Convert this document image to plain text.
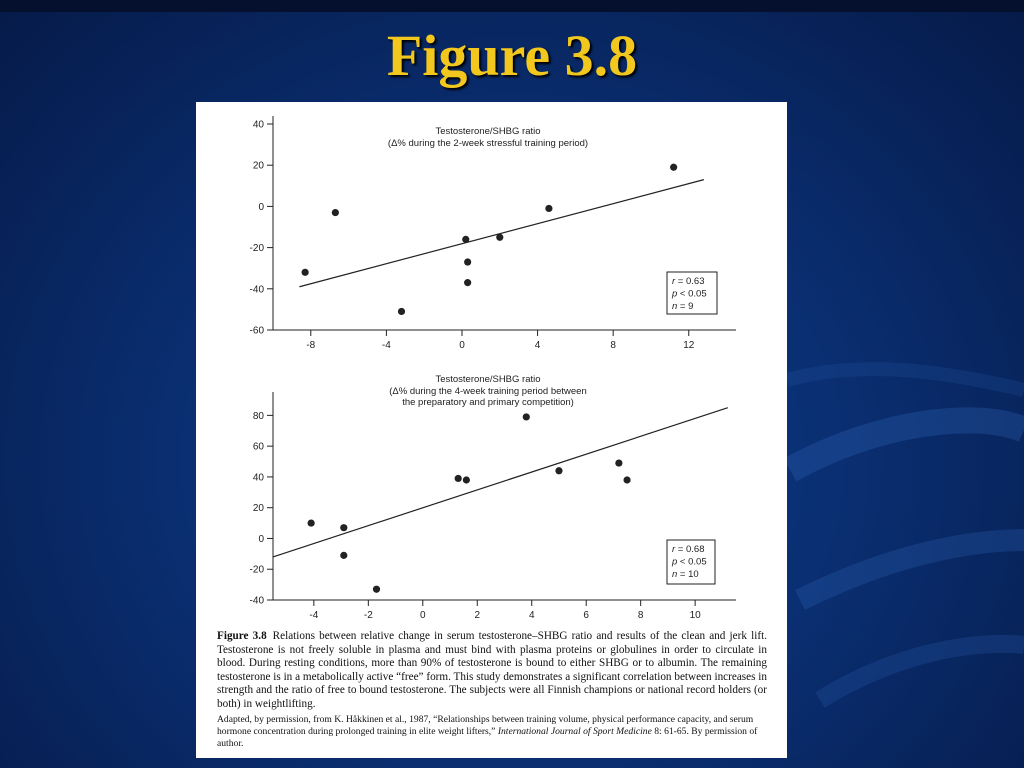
Figure 3.8
Testosterone/SHBG ratio
(Δ% during the 2-week stressful training period)
40
20
0
-20
-40
-60
-8	-4	0	4	8	12
r = 0.63
p < 0.05
n = 9
Testosterone/SHBG ratio
(Δ% during the 4-week training period between
the preparatory and primary competition)
80
60
40
20
0
-20
-40
-4	-2	0	2	4	6	8	10
r = 0.68
p < 0.05
n = 10
Figure 3.8 Relations between relative change in serum testosterone–SHBG ratio and results of the clean and jerk lift. Testosterone is not freely soluble in plasma and must bind with plasma proteins or globulines in order to circulate in blood. During resting conditions, more than 90% of testosterone is bound to either SHBG or to albumin. The remaining testosterone is in a metabolically active “free” form. This study demonstrates a significant correlation between increases in strength and the ratio of free to bound testosterone. The subjects were all Finnish champions or national record holders (or both) in weightlifting.
Adapted, by permission, from K. Håkkinen et al., 1987, “Relationships between training volume, physical performance capacity, and serum hormone concentration during prolonged training in elite weight lifters,” International Journal of Sport Medicine 8: 61-65. By permission of author.
